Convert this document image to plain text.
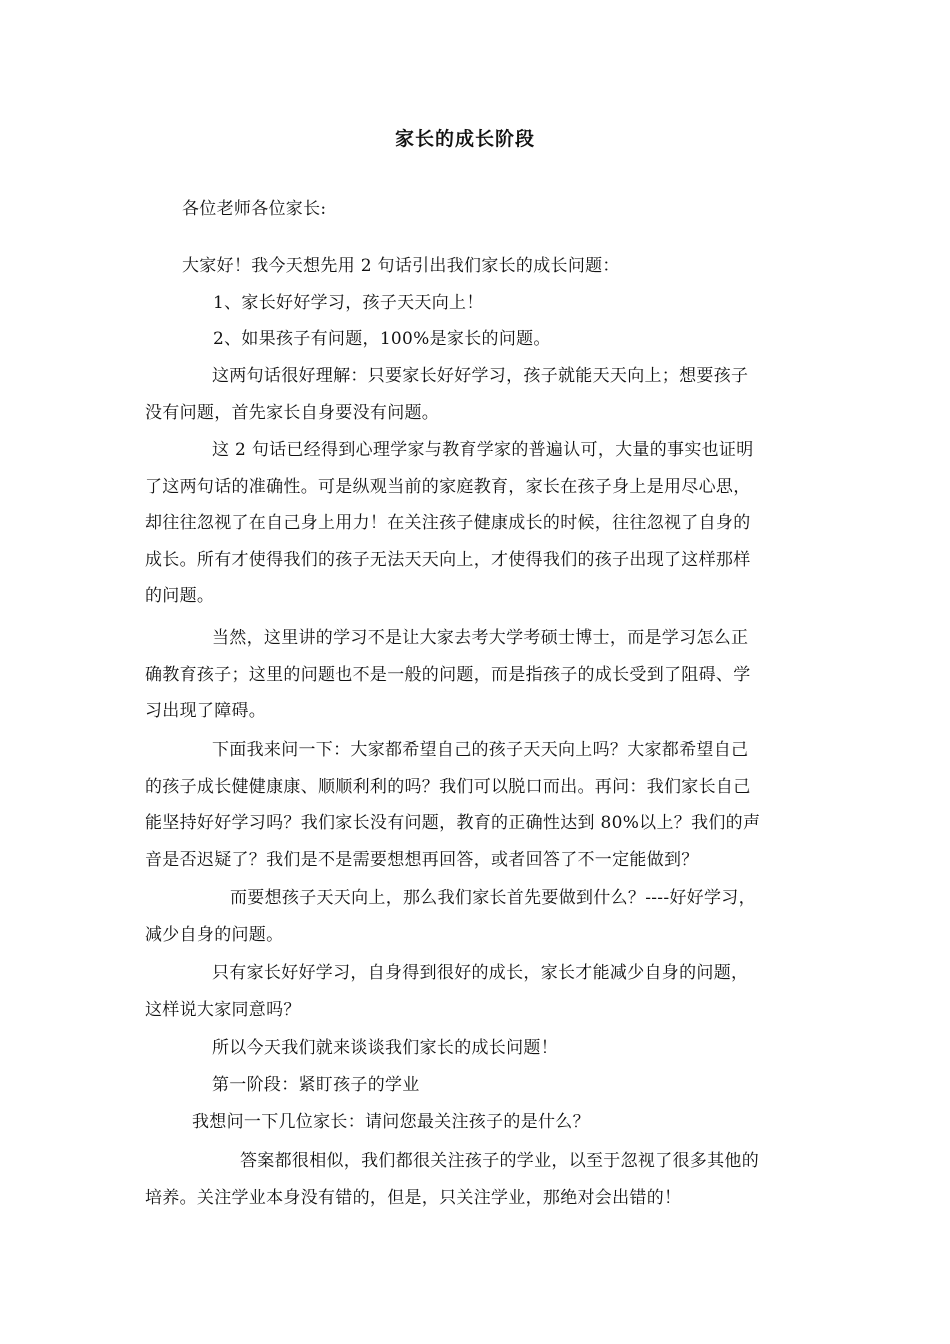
家长的成长阶段
各位老师各位家长:
大家好！我今天想先用 2 句话引出我们家长的成长问题：
1、家长好好学习，孩子天天向上！
2、如果孩子有问题，100%是家长的问题。
这两句话很好理解：只要家长好好学习，孩子就能天天向上；想要孩子
没有问题，首先家长自身要没有问题。
这 2 句话已经得到心理学家与教育学家的普遍认可，大量的事实也证明
了这两句话的准确性。可是纵观当前的家庭教育，家长在孩子身上是用尽心思，
却往往忽视了在自己身上用力！在关注孩子健康成长的时候，往往忽视了自身的
成长。所有才使得我们的孩子无法天天向上，才使得我们的孩子出现了这样那样
的问题。
当然，这里讲的学习不是让大家去考大学考硕士博士，而是学习怎么正
确教育孩子；这里的问题也不是一般的问题，而是指孩子的成长受到了阻碍、学
习出现了障碍。
下面我来问一下：大家都希望自己的孩子天天向上吗？大家都希望自己
的孩子成长健健康康、顺顺利利的吗？我们可以脱口而出。再问：我们家长自己
能坚持好好学习吗？我们家长没有问题，教育的正确性达到 80%以上？我们的声
音是否迟疑了？我们是不是需要想想再回答，或者回答了不一定能做到？
而要想孩子天天向上，那么我们家长首先要做到什么？----好好学习，
减少自身的问题。
只有家长好好学习，自身得到很好的成长，家长才能减少自身的问题，
这样说大家同意吗？
所以今天我们就来谈谈我们家长的成长问题！
第一阶段：紧盯孩子的学业
我想问一下几位家长：请问您最关注孩子的是什么？
答案都很相似，我们都很关注孩子的学业，以至于忽视了很多其他的
培养。关注学业本身没有错的，但是，只关注学业，那绝对会出错的！
